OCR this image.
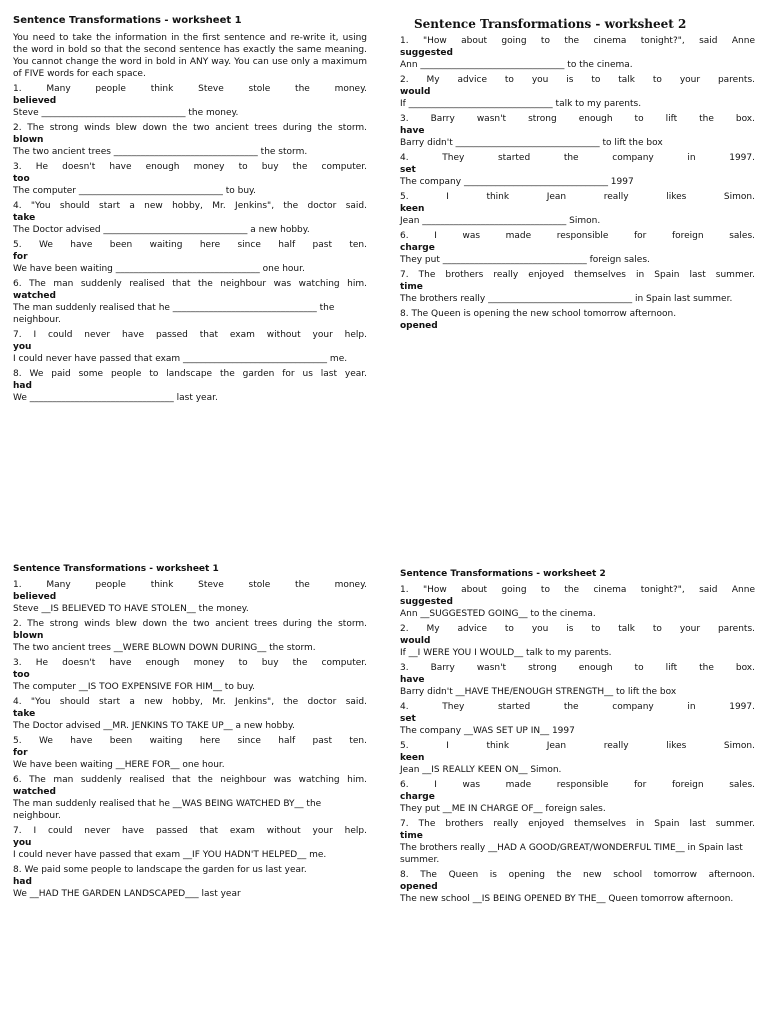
Sentence Transformations - worksheet 1
You need to take the information in the first sentence and re-write it, using the word in bold so that the second sentence has exactly the same meaning. You cannot change the word in bold in ANY way. You can use only a maximum of FIVE words for each space.
1. Many people think Steve stole the money.
believed
Steve ________________________________ the money.
2. The strong winds blew down the two ancient trees during the storm.
blown
The two ancient trees ________________________________ the storm.
3. He doesn't have enough money to buy the computer.
too
The computer ________________________________ to buy.
4. "You should start a new hobby, Mr. Jenkins", the doctor said.
take
The Doctor advised ________________________________ a new hobby.
5. We have been waiting here since half past ten.
for
We have been waiting ________________________________ one hour.
6. The man suddenly realised that the neighbour was watching him.
watched
The man suddenly realised that he ________________________________ the neighbour.
7. I could never have passed that exam without your help.
you
I could never have passed that exam ________________________________ me.
8. We paid some people to landscape the garden for us last year.
had
We ________________________________ last year.
Sentence Transformations - worksheet 2
1. "How about going to the cinema tonight?", said Anne
suggested
Ann ________________________________ to the cinema.
2. My advice to you is to talk to your parents.
would
If ________________________________ talk to my parents.
3. Barry wasn't strong enough to lift the box.
have
Barry didn't ________________________________ to lift the box
4. They started the company in 1997.
set
The company ________________________________ 1997
5. I think Jean really likes Simon.
keen
Jean ________________________________ Simon.
6. I was made responsible for foreign sales.
charge
They put ________________________________ foreign sales.
7. The brothers really enjoyed themselves in Spain last summer.
time
The brothers really ________________________________ in Spain last summer.
8. The Queen is opening the new school tomorrow afternoon.
opened
Sentence Transformations - worksheet 1
1. Many people think Steve stole the money.
believed
Steve __IS BELIEVED TO HAVE STOLEN__ the money.
2. The strong winds blew down the two ancient trees during the storm.
blown
The two ancient trees __WERE BLOWN DOWN DURING__ the storm.
3. He doesn't have enough money to buy the computer.
too
The computer __IS TOO EXPENSIVE FOR HIM__ to buy.
4. "You should start a new hobby, Mr. Jenkins", the doctor said.
take
The Doctor advised __MR. JENKINS TO TAKE UP__ a new hobby.
5. We have been waiting here since half past ten.
for
We have been waiting __HERE FOR__ one hour.
6. The man suddenly realised that the neighbour was watching him.
watched
The man suddenly realised that he __WAS BEING WATCHED BY__ the neighbour.
7. I could never have passed that exam without your help.
you
I could never have passed that exam __IF YOU HADN'T HELPED__ me.
8. We paid some people to landscape the garden for us last year.
had
We __HAD THE GARDEN LANDSCAPED___ last year
Sentence Transformations - worksheet 2
1. "How about going to the cinema tonight?", said Anne
suggested
Ann __SUGGESTED GOING__ to the cinema.
2. My advice to you is to talk to your parents.
would
If __I WERE YOU I WOULD__ talk to my parents.
3. Barry wasn't strong enough to lift the box.
have
Barry didn't __HAVE THE/ENOUGH STRENGTH__ to lift the box
4. They started the company in 1997.
set
The company __WAS SET UP IN__ 1997
5. I think Jean really likes Simon.
keen
Jean __IS REALLY KEEN ON__ Simon.
6. I was made responsible for foreign sales.
charge
They put __ME IN CHARGE OF__ foreign sales.
7. The brothers really enjoyed themselves in Spain last summer.
time
The brothers really __HAD A GOOD/GREAT/WONDERFUL TIME__ in Spain last summer.
8. The Queen is opening the new school tomorrow afternoon.
opened
The new school __IS BEING OPENED BY THE__ Queen tomorrow afternoon.
